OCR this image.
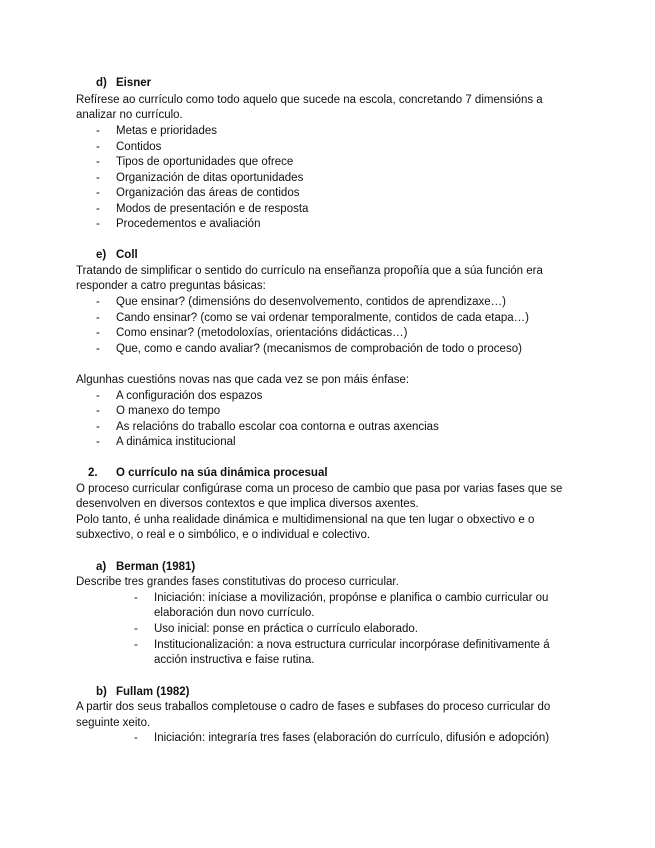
d) Eisner
Refírese ao currículo como todo aquelo que sucede na escola, concretando 7 dimensións a
analizar no currículo.
- Metas e prioridades
- Contidos
- Tipos de oportunidades que ofrece
- Organización de ditas oportunidades
- Organización das áreas de contidos
- Modos de presentación e de resposta
- Procedementos e avaliación
e) Coll
Tratando de simplificar o sentido do currículo na enseñanza propoñía que a súa función era
responder a catro preguntas básicas:
- Que ensinar? (dimensións do desenvolvemento, contidos de aprendizaxe…)
- Cando ensinar? (como se vai ordenar temporalmente, contidos de cada etapa…)
- Como ensinar? (metodoloxías, orientacións didácticas…)
- Que, como e cando avaliar? (mecanismos de comprobación de todo o proceso)
Algunhas cuestións novas nas que cada vez se pon máis énfase:
- A configuración dos espazos
- O manexo do tempo
- As relacións do traballo escolar coa contorna e outras axencias
- A dinámica institucional
2. O currículo na súa dinámica procesual
O proceso curricular configúrase coma un proceso de cambio que pasa por varias fases que se
desenvolven en diversos contextos e que implica diversos axentes.
Polo tanto, é unha realidade dinámica e multidimensional na que ten lugar o obxectivo e o
subxectivo, o real e o simbólico, e o individual e colectivo.
a) Berman (1981)
Describe tres grandes fases constitutivas do proceso curricular.
- Iniciación: iníciase a movilización, propónse e planifica o cambio curricular ou
elaboración dun novo currículo.
- Uso inicial: ponse en práctica o currículo elaborado.
- Institucionalización: a nova estructura curricular incorpórase definitivamente á
acción instructiva e faise rutina.
b) Fullam (1982)
A partir dos seus traballos completouse o cadro de fases e subfases do proceso curricular do
seguinte xeito.
- Iniciación: integraría tres fases (elaboración do currículo, difusión e adopción)
